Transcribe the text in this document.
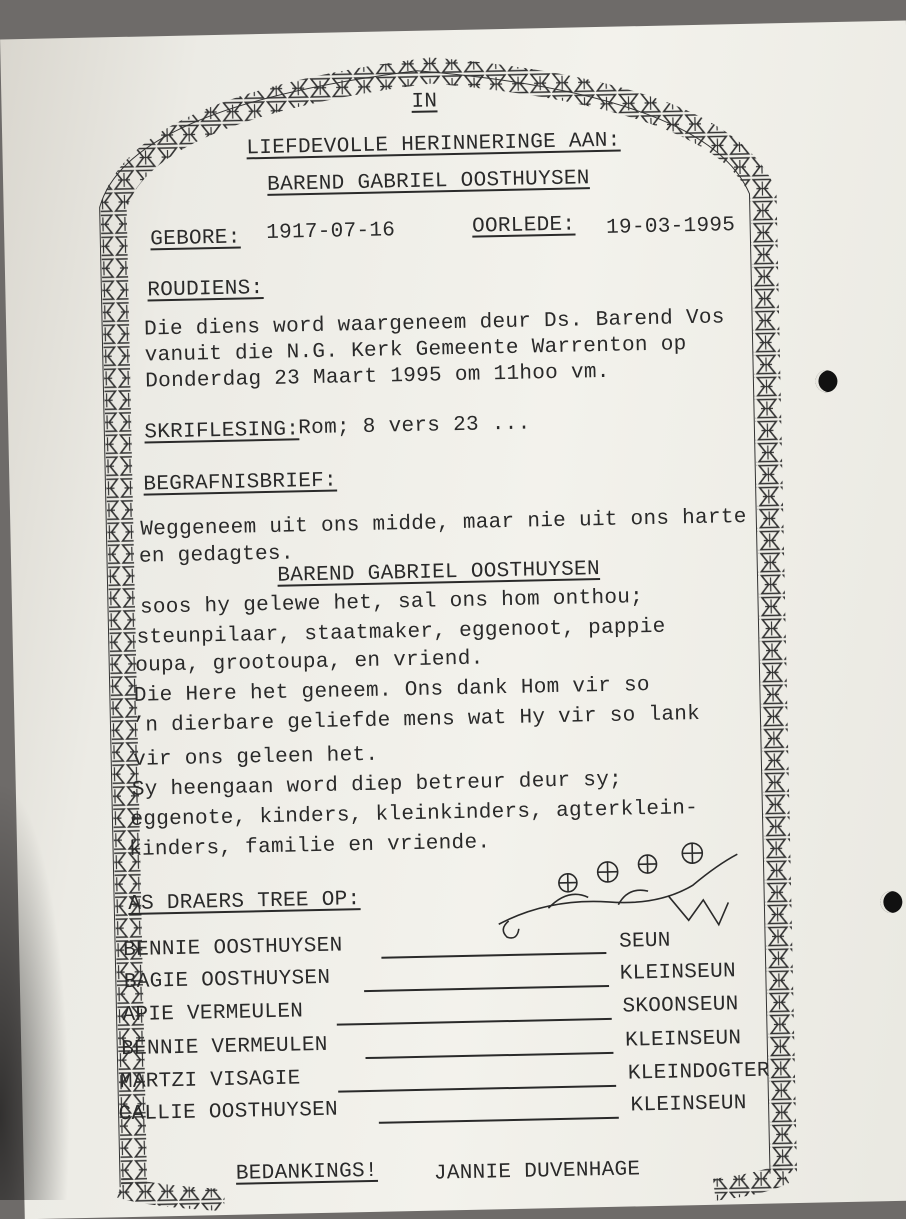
IN
LIEFDEVOLLE HERINNERINGE AAN:
BAREND GABRIEL OOSTHUYSEN
GEBORE: 1917-07-16	OORLEDE: 19-03-1995
ROUDIENS:
Die diens word waargeneem deur Ds. Barend Vos
vanuit die N.G. Kerk Gemeente Warrenton op
Donderdag 23 Maart 1995 om 11hoo vm.
SKRIFLESING:
Rom; 8 vers 23 ...
BEGRAFNISBRIEF:
Weggeneem uit ons midde, maar nie uit ons harte
en gedagtes.
BAREND GABRIEL OOSTHUYSEN
soos hy gelewe het, sal ons hom onthou;
steunpilaar, staatmaker, eggenoot, pappie
oupa, grootoupa, en vriend.
Die Here het geneem. Ons dank Hom vir so
’n dierbare geliefde mens wat Hy vir so lank
vir ons geleen het.
Sy heengaan word diep betreur deur sy;
eggenote, kinders, kleinkinders, agterklein-
kinders, familie en vriende.
AS DRAERS TREE OP:
BENNIE OOSTHUYSEN	SEUN
BAGIE OOSTHUYSEN	KLEINSEUN
APIE VERMEULEN	SKOONSEUN
BENNIE VERMEULEN	KLEINSEUN
MARTZI VISAGIE	KLEINDOGTER
CALLIE OOSTHUYSEN	KLEINSEUN
BEDANKINGS!	JANNIE DUVENHAGE
